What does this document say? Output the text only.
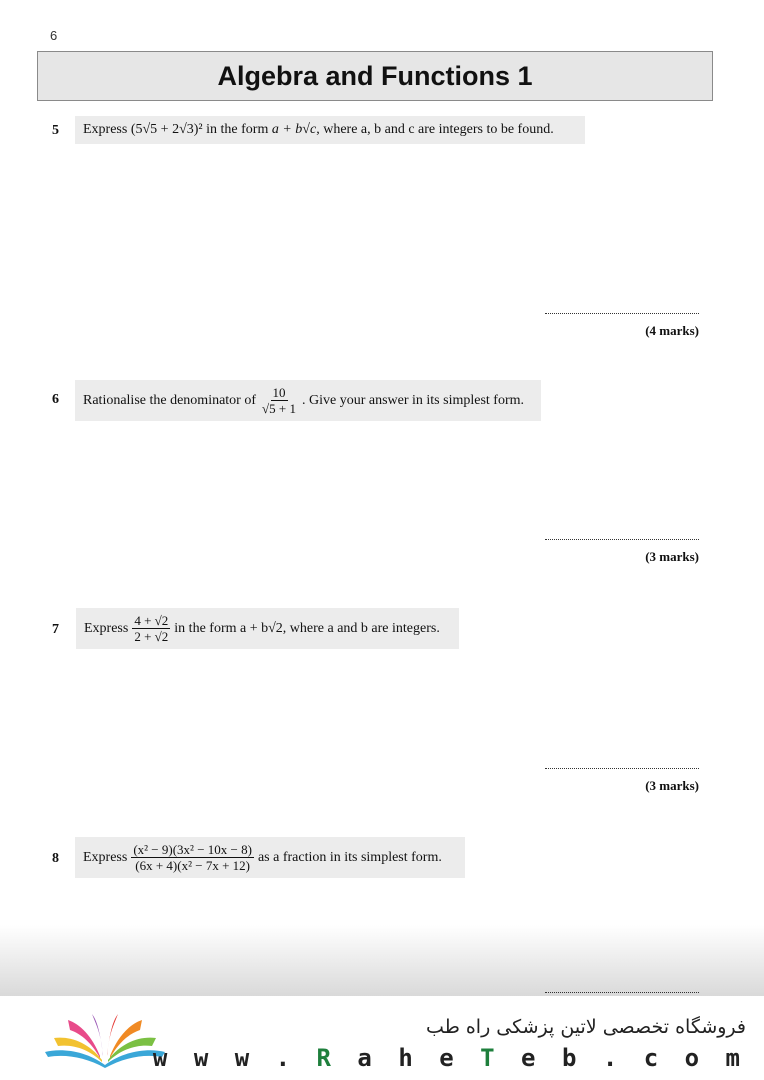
6
Algebra and Functions 1
5 Express
(5√5 + 2√3)²
in the form
a + b√c , where a, b and c are integers to be found.
(4 marks)
6 Rationalise the denominator of $\frac{10}{√5 + 1}$ . Give your answer in its simplest form.
(3 marks)
7 Express $\frac{4 + √2}{2 + √2}$ in the form a + b√2, where a and b are integers.
(3 marks)
8 Express $\frac{\text{(x² − 9)(3x² − 10x − 8)}}{\text{(6x + 4)(x² − 7x + 12)}}$ as a fraction in its simplest form.
فروشگاه تخصصی لاتین پزشکی راه طب
w w w . R a h e T e b . c o m
